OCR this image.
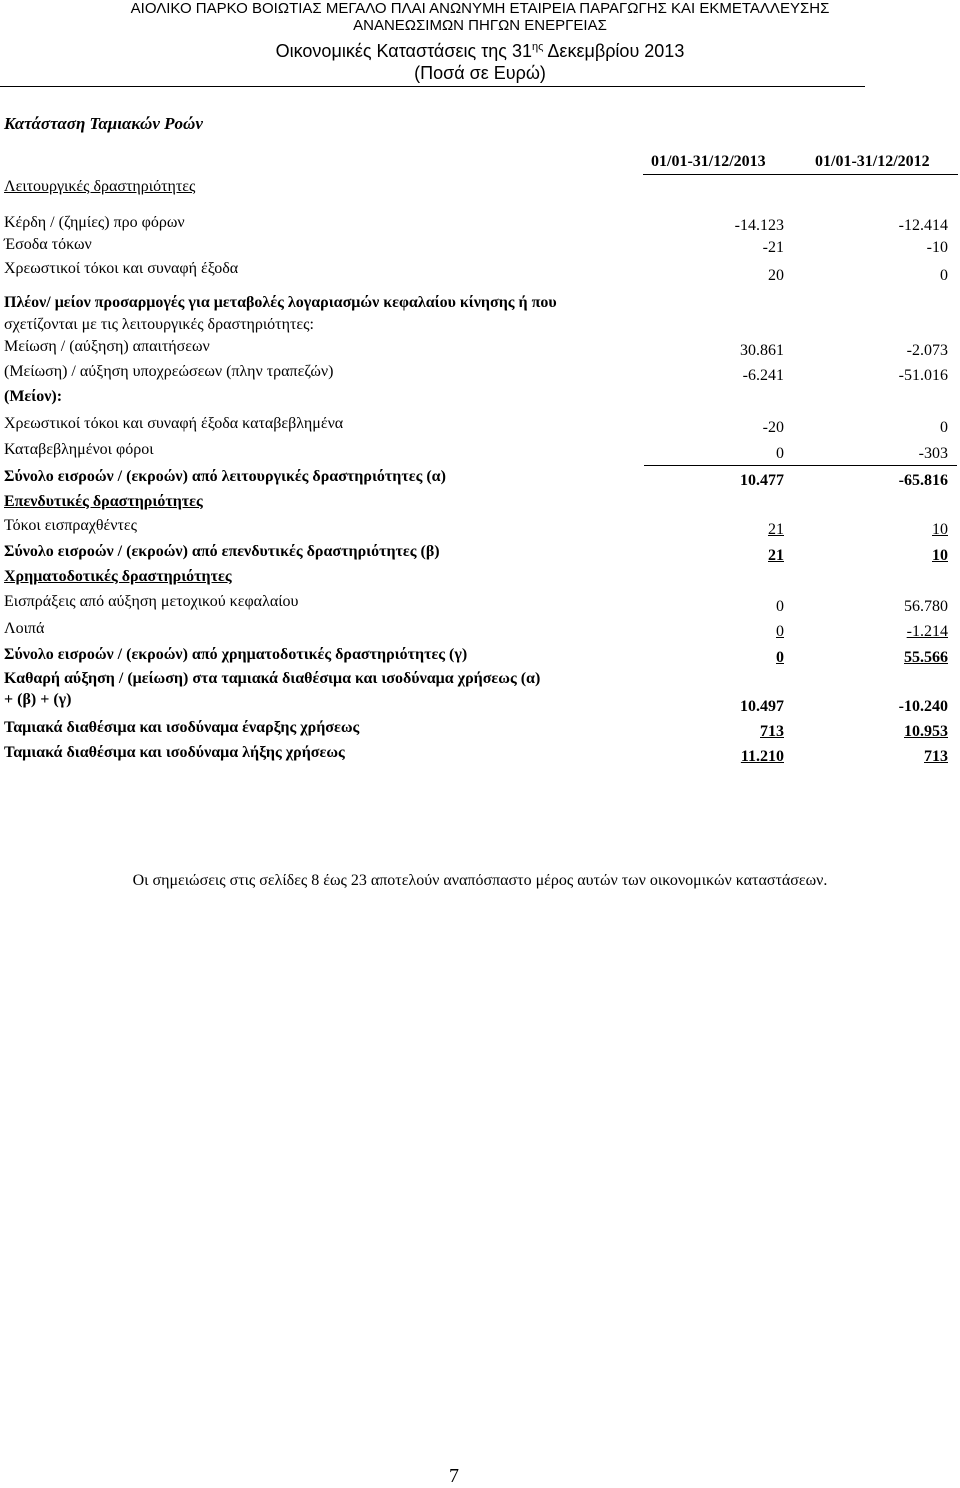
ΑΙΟΛΙΚΟ ΠΑΡΚΟ ΒΟΙΩΤΙΑΣ ΜΕΓΑΛΟ ΠΛΑΙ ΑΝΩΝΥΜΗ ΕΤΑΙΡΕΙΑ ΠΑΡΑΓΩΓΗΣ ΚΑΙ ΕΚΜΕΤΑΛΛΕΥΣΗΣ
ΑΝΑΝΕΩΣΙΜΩΝ ΠΗΓΩΝ ΕΝΕΡΓΕΙΑΣ
Οικονομικές Καταστάσεις της $31^{\eta\varsigma}$ Δεκεμβρίου 2013
(Ποσά σε Ευρώ)
Κατάσταση Ταμιακών Ροών
01/01-31/12/2013	01/01-31/12/2012
Λειτουργικές δραστηριότητες
Κέρδη / (ζημίες) προ φόρων	-14.123	-12.414
Έσοδα τόκων	-21	-10
Χρεωστικοί τόκοι και συναφή έξοδα	20	0
Πλέον/ μείον προσαρμογές για μεταβολές λογαριασμών κεφαλαίου κίνησης ή που
σχετίζονται με τις λειτουργικές δραστηριότητες:
Μείωση / (αύξηση) απαιτήσεων	30.861	-2.073
(Μείωση) / αύξηση υποχρεώσεων (πλην τραπεζών)	-6.241	-51.016
(Μείον):
Χρεωστικοί τόκοι και συναφή έξοδα καταβεβλημένα	-20	0
Καταβεβλημένοι φόροι	0	-303
Σύνολο εισροών / (εκροών) από λειτουργικές δραστηριότητες (α)	10.477	-65.816
Επενδυτικές δραστηριότητες
Τόκοι εισπραχθέντες	21	10
Σύνολο εισροών / (εκροών) από επενδυτικές δραστηριότητες (β)	21	10
Χρηματοδοτικές δραστηριότητες
Εισπράξεις από αύξηση μετοχικού κεφαλαίου	0	56.780
Λοιπά	0	-1.214
Σύνολο εισροών / (εκροών) από χρηματοδοτικές δραστηριότητες (γ)	0	55.566
Καθαρή αύξηση / (μείωση) στα ταμιακά διαθέσιμα και ισοδύναμα χρήσεως (α)
+ (β) + (γ)	10.497	-10.240
Ταμιακά διαθέσιμα και ισοδύναμα έναρξης χρήσεως	713	10.953
Ταμιακά διαθέσιμα και ισοδύναμα λήξης χρήσεως	11.210	713
Οι σημειώσεις στις σελίδες 8 έως 23 αποτελούν αναπόσπαστο μέρος αυτών των οικονομικών καταστάσεων.
7
